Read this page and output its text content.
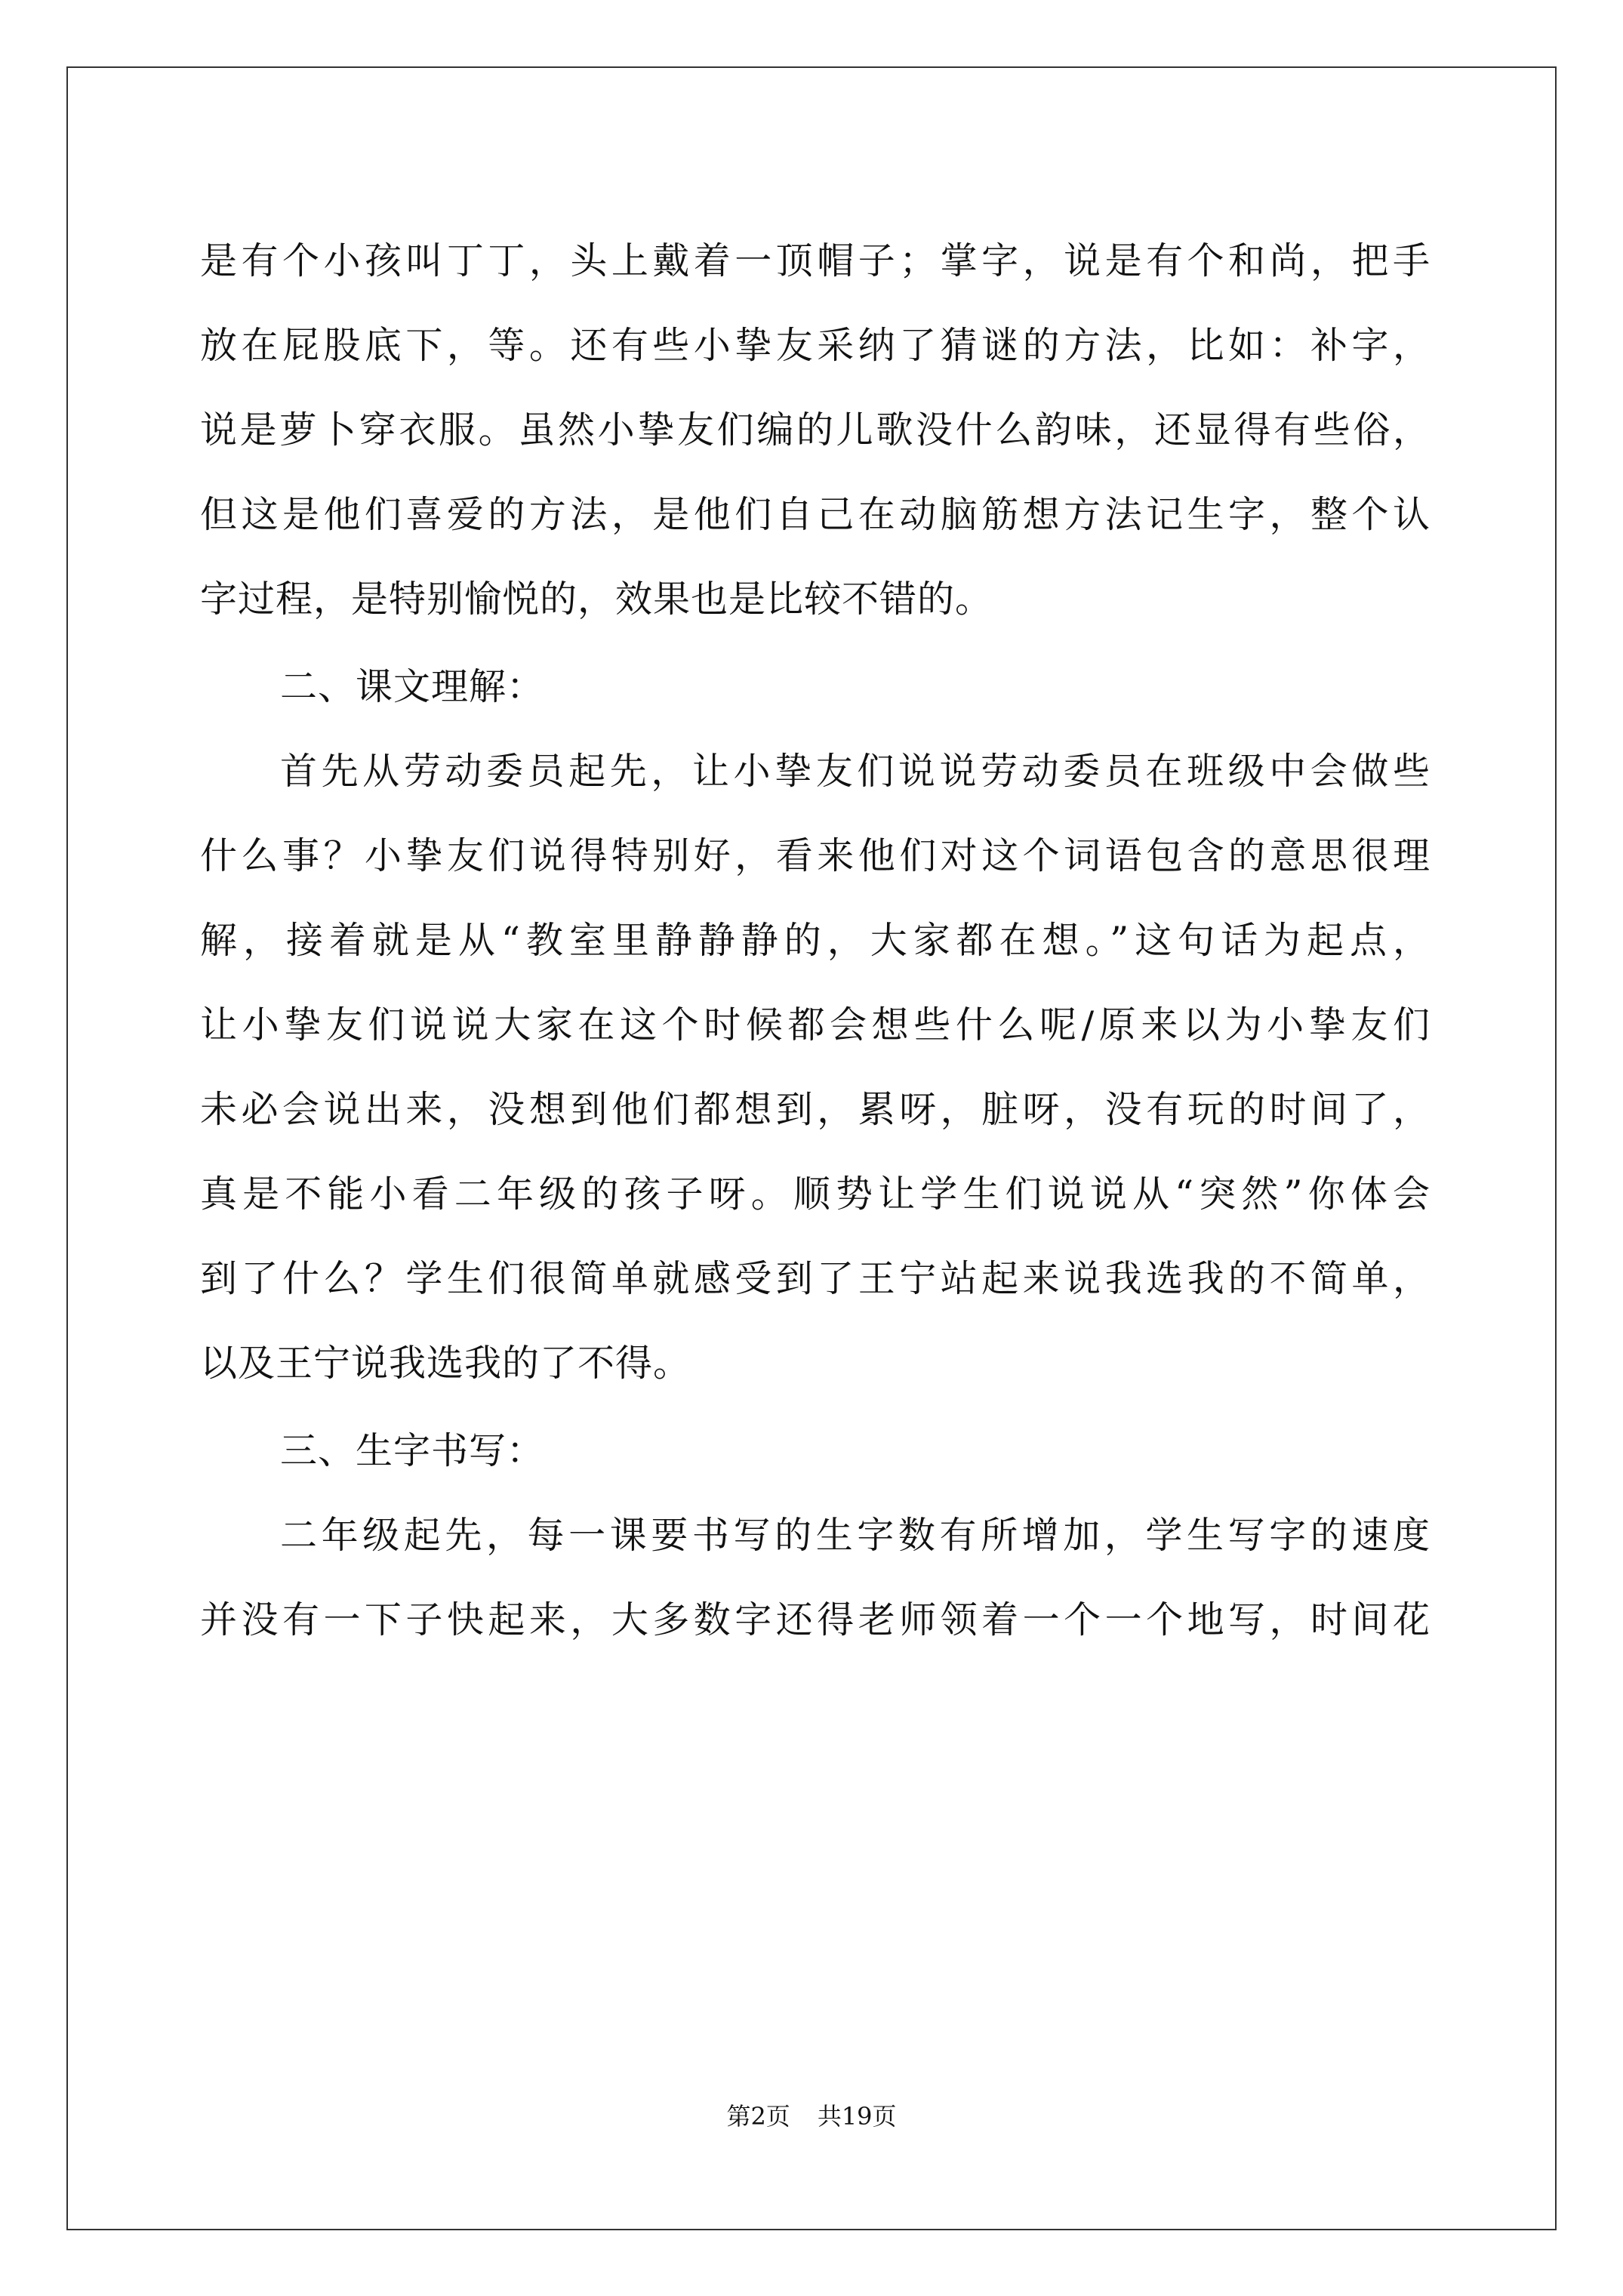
是有个小孩叫丁丁，头上戴着一顶帽子；掌字，说是有个和尚，把手
放在屁股底下，等。还有些小挚友采纳了猜谜的方法，比如：补字，
说是萝卜穿衣服。虽然小挚友们编的儿歌没什么韵味，还显得有些俗，
但这是他们喜爱的方法，是他们自己在动脑筋想方法记生字，整个认
字过程，是特别愉悦的，效果也是比较不错的。
二、课文理解：
首先从劳动委员起先，让小挚友们说说劳动委员在班级中会做些
什么事？小挚友们说得特别好，看来他们对这个词语包含的意思很理
解，接着就是从“教室里静静静的，大家都在想。”这句话为起点，
让小挚友们说说大家在这个时候都会想些什么呢/原来以为小挚友们
未必会说出来，没想到他们都想到，累呀，脏呀，没有玩的时间了，
真是不能小看二年级的孩子呀。顺势让学生们说说从“突然”你体会
到了什么？学生们很简单就感受到了王宁站起来说我选我的不简单，
以及王宁说我选我的了不得。
三、生字书写：
二年级起先，每一课要书写的生字数有所增加，学生写字的速度
并没有一下子快起来，大多数字还得老师领着一个一个地写，时间花
第2页 共19页
